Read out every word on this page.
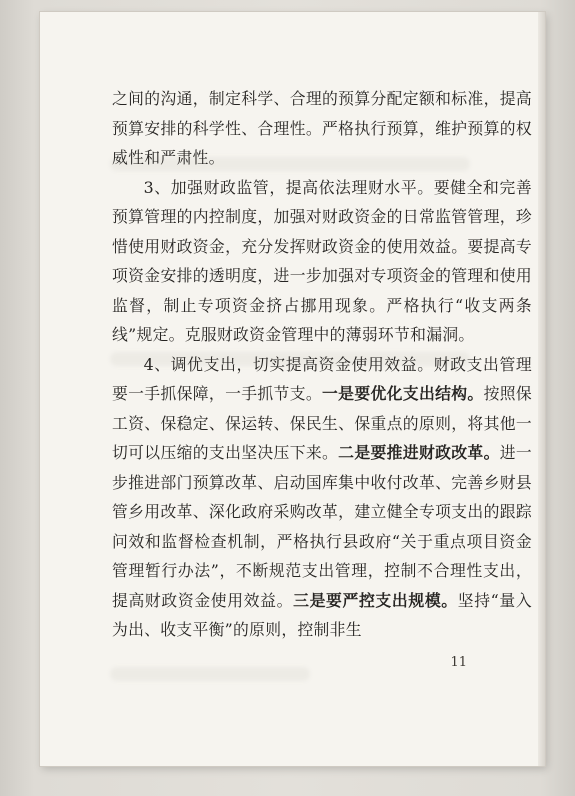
之间的沟通，制定科学、合理的预算分配定额和标准，提高预算安排的科学性、合理性。严格执行预算，维护预算的权威性和严肃性。

3、加强财政监管，提高依法理财水平。要健全和完善预算管理的内控制度，加强对财政资金的日常监管管理，珍惜使用财政资金，充分发挥财政资金的使用效益。要提高专项资金安排的透明度，进一步加强对专项资金的管理和使用监督，制止专项资金挤占挪用现象。严格执行“收支两条线”规定。克服财政资金管理中的薄弱环节和漏洞。

4、调优支出，切实提高资金使用效益。财政支出管理要一手抓保障，一手抓节支。一是要优化支出结构。按照保工资、保稳定、保运转、保民生、保重点的原则，将其他一切可以压缩的支出坚决压下来。二是要推进财政改革。进一步推进部门预算改革、启动国库集中收付改革、完善乡财县管乡用改革、深化政府采购改革，建立健全专项支出的跟踪问效和监督检查机制，严格执行县政府“关于重点项目资金管理暂行办法”，不断规范支出管理，控制不合理性支出，提高财政资金使用效益。三是要严控支出规模。坚持“量入为出、收支平衡”的原则，控制非生

11
